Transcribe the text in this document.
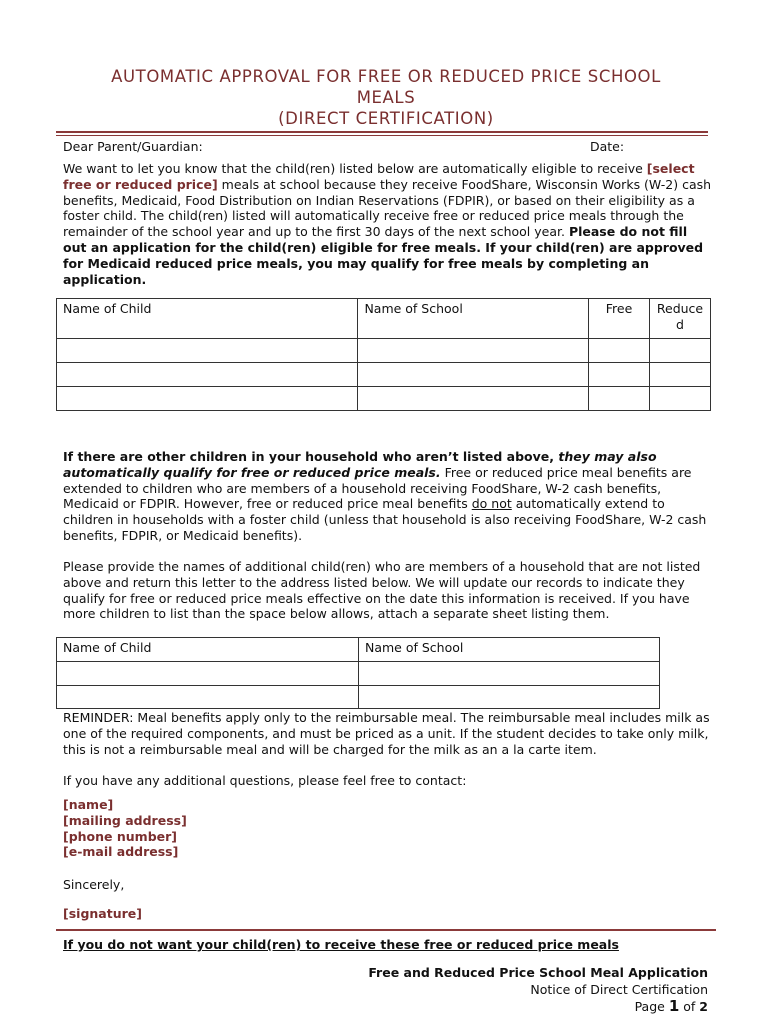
AUTOMATIC APPROVAL FOR FREE OR REDUCED PRICE SCHOOL
MEALS
(DIRECT CERTIFICATION)
Dear Parent/Guardian:	Date:
We want to let you know that the child(ren) listed below are automatically eligible to receive [select free or reduced price] meals at school because they receive FoodShare, Wisconsin Works (W-2) cash benefits, Medicaid, Food Distribution on Indian Reservations (FDPIR), or based on their eligibility as a foster child. The child(ren) listed will automatically receive free or reduced price meals through the remainder of the school year and up to the first 30 days of the next school year. Please do not fill out an application for the child(ren) eligible for free meals. If your child(ren) are approved for Medicaid reduced price meals, you may qualify for free meals by completing an application.
Name of Child	Name of School	Free	Reduce d

If there are other children in your household who aren’t listed above, they may also automatically qualify for free or reduced price meals. Free or reduced price meal benefits are extended to children who are members of a household receiving FoodShare, W-2 cash benefits, Medicaid or FDPIR. However, free or reduced price meal benefits do not automatically extend to children in households with a foster child (unless that household is also receiving FoodShare, W-2 cash benefits, FDPIR, or Medicaid benefits).
Please provide the names of additional child(ren) who are members of a household that are not listed above and return this letter to the address listed below. We will update our records to indicate they qualify for free or reduced price meals effective on the date this information is received. If you have more children to list than the space below allows, attach a separate sheet listing them.
Name of Child	Name of School

REMINDER: Meal benefits apply only to the reimbursable meal. The reimbursable meal includes milk as one of the required components, and must be priced as a unit. If the student decides to take only milk, this is not a reimbursable meal and will be charged for the milk as an a la carte item.
If you have any additional questions, please feel free to contact:
[name]
[mailing address]
[phone number]
[e-mail address]
Sincerely,
[signature]
If you do not want your child(ren) to receive these free or reduced price meals
Free and Reduced Price School Meal Application
Notice of Direct Certification
Page 1 of 2
